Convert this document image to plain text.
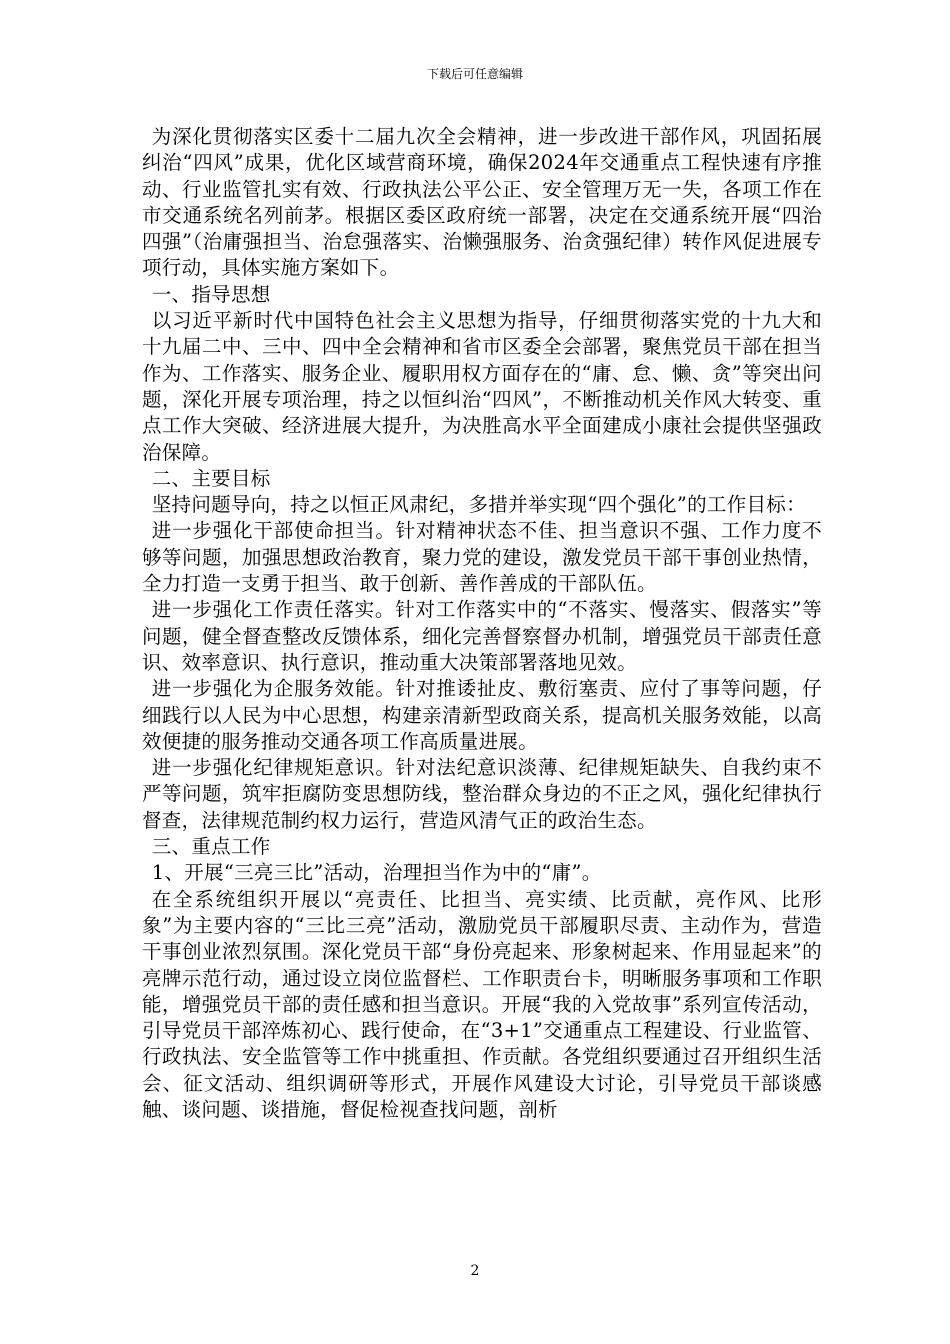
下载后可任意编辑

为深化贯彻落实区委十二届九次全会精神，进一步改进干部作风，巩固拓展纠治“四风”成果，优化区域营商环境，确保2024年交通重点工程快速有序推动、行业监管扎实有效、行政执法公平公正、安全管理万无一失，各项工作在市交通系统名列前茅。根据区委区政府统一部署，决定在交通系统开展“四治四强”（治庸强担当、治怠强落实、治懒强服务、治贪强纪律）转作风促进展专项行动，具体实施方案如下。

一、指导思想

以习近平新时代中国特色社会主义思想为指导，仔细贯彻落实党的十九大和十九届二中、三中、四中全会精神和省市区委全会部署，聚焦党员干部在担当作为、工作落实、服务企业、履职用权方面存在的“庸、怠、懒、贪”等突出问题，深化开展专项治理，持之以恒纠治“四风”，不断推动机关作风大转变、重点工作大突破、经济进展大提升，为决胜高水平全面建成小康社会提供坚强政治保障。

二、主要目标

坚持问题导向，持之以恒正风肃纪，多措并举实现“四个强化”的工作目标：

进一步强化干部使命担当。针对精神状态不佳、担当意识不强、工作力度不够等问题，加强思想政治教育，聚力党的建设，激发党员干部干事创业热情，全力打造一支勇于担当、敢于创新、善作善成的干部队伍。

进一步强化工作责任落实。针对工作落实中的“不落实、慢落实、假落实”等问题，健全督查整改反馈体系，细化完善督察督办机制，增强党员干部责任意识、效率意识、执行意识，推动重大决策部署落地见效。

进一步强化为企服务效能。针对推诿扯皮、敷衍塞责、应付了事等问题，仔细践行以人民为中心思想，构建亲清新型政商关系，提高机关服务效能，以高效便捷的服务推动交通各项工作高质量进展。

进一步强化纪律规矩意识。针对法纪意识淡薄、纪律规矩缺失、自我约束不严等问题，筑牢拒腐防变思想防线，整治群众身边的不正之风，强化纪律执行督查，法律规范制约权力运行，营造风清气正的政治生态。

三、重点工作

1、开展“三亮三比”活动，治理担当作为中的“庸”。

在全系统组织开展以“亮责任、比担当、亮实绩、比贡献，亮作风、比形象”为主要内容的“三比三亮”活动，激励党员干部履职尽责、主动作为，营造干事创业浓烈氛围。深化党员干部“身份亮起来、形象树起来、作用显起来”的亮牌示范行动，通过设立岗位监督栏、工作职责台卡，明晰服务事项和工作职能，增强党员干部的责任感和担当意识。开展“我的入党故事”系列宣传活动，引导党员干部淬炼初心、践行使命，在“3+1”交通重点工程建设、行业监管、行政执法、安全监管等工作中挑重担、作贡献。各党组织要通过召开组织生活会、征文活动、组织调研等形式，开展作风建设大讨论，引导党员干部谈感触、谈问题、谈措施，督促检视查找问题，剖析

2
